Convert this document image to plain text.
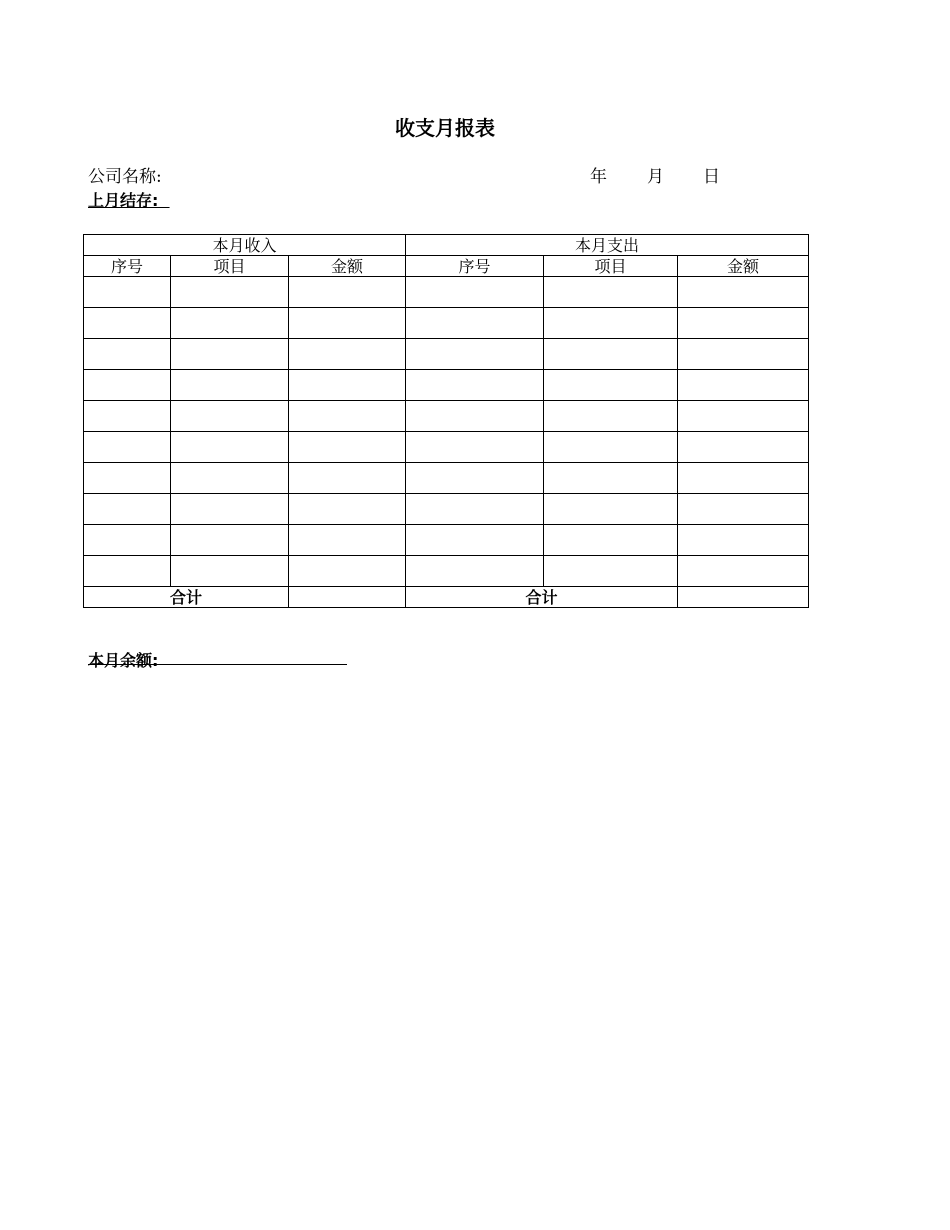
收支月报表
公司名称:	年 月 日
上月结存:
本月收入			本月支出		
序号	项目	金额	序号	项目	金额

合计			合计		
本月余额:
